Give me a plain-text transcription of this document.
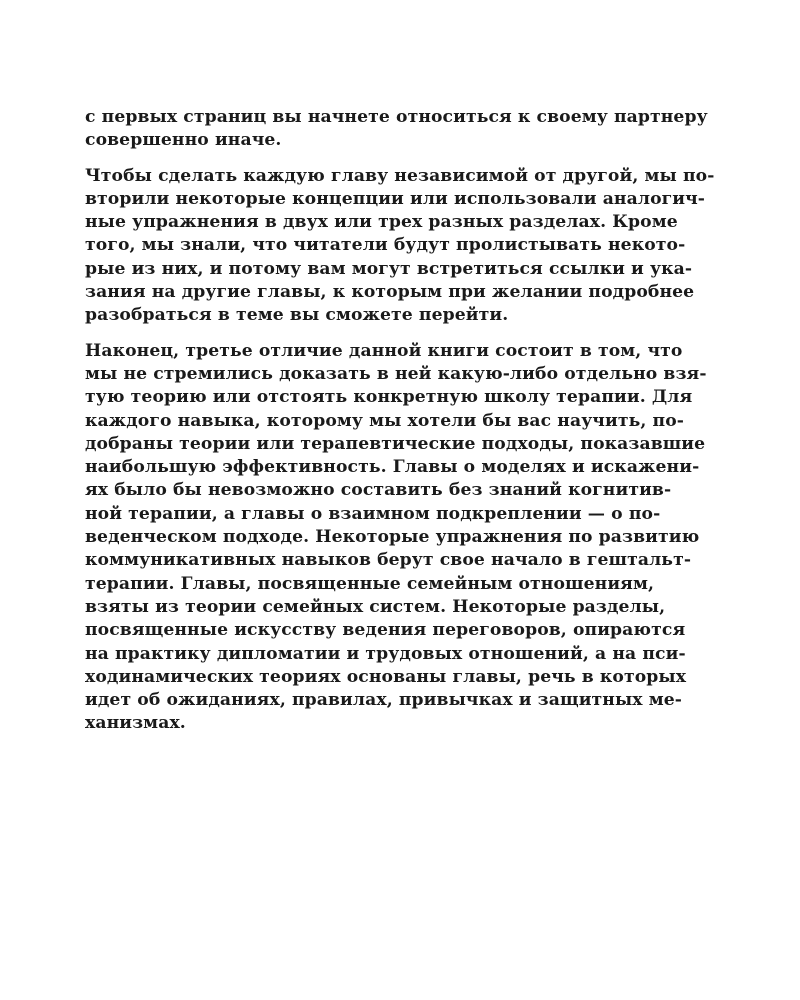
с первых страниц вы начнете относиться к своему партнеру
совершенно иначе.

Чтобы сделать каждую главу независимой от другой, мы по-
вторили некоторые концепции или использовали аналогич-
ные упражнения в двух или трех разных разделах. Кроме
того, мы знали, что читатели будут пролистывать некото-
рые из них, и потому вам могут встретиться ссылки и ука-
зания на другие главы, к которым при желании подробнее
разобраться в теме вы сможете перейти.

Наконец, третье отличие данной книги состоит в том, что
мы не стремились доказать в ней какую-либо отдельно взя-
тую теорию или отстоять конкретную школу терапии. Для
каждого навыка, которому мы хотели бы вас научить, по-
добраны теории или терапевтические подходы, показавшие
наибольшую эффективность. Главы о моделях и искажени-
ях было бы невозможно составить без знаний когнитив-
ной терапии, а главы о взаимном подкреплении — о по-
веденческом подходе. Некоторые упражнения по развитию
коммуникативных навыков берут свое начало в гештальт-
терапии. Главы, посвященные семейным отношениям,
взяты из теории семейных систем. Некоторые разделы,
посвященные искусству ведения переговоров, опираются
на практику дипломатии и трудовых отношений, а на пси-
ходинамических теориях основаны главы, речь в которых
идет об ожиданиях, правилах, привычках и защитных ме-
ханизмах.
